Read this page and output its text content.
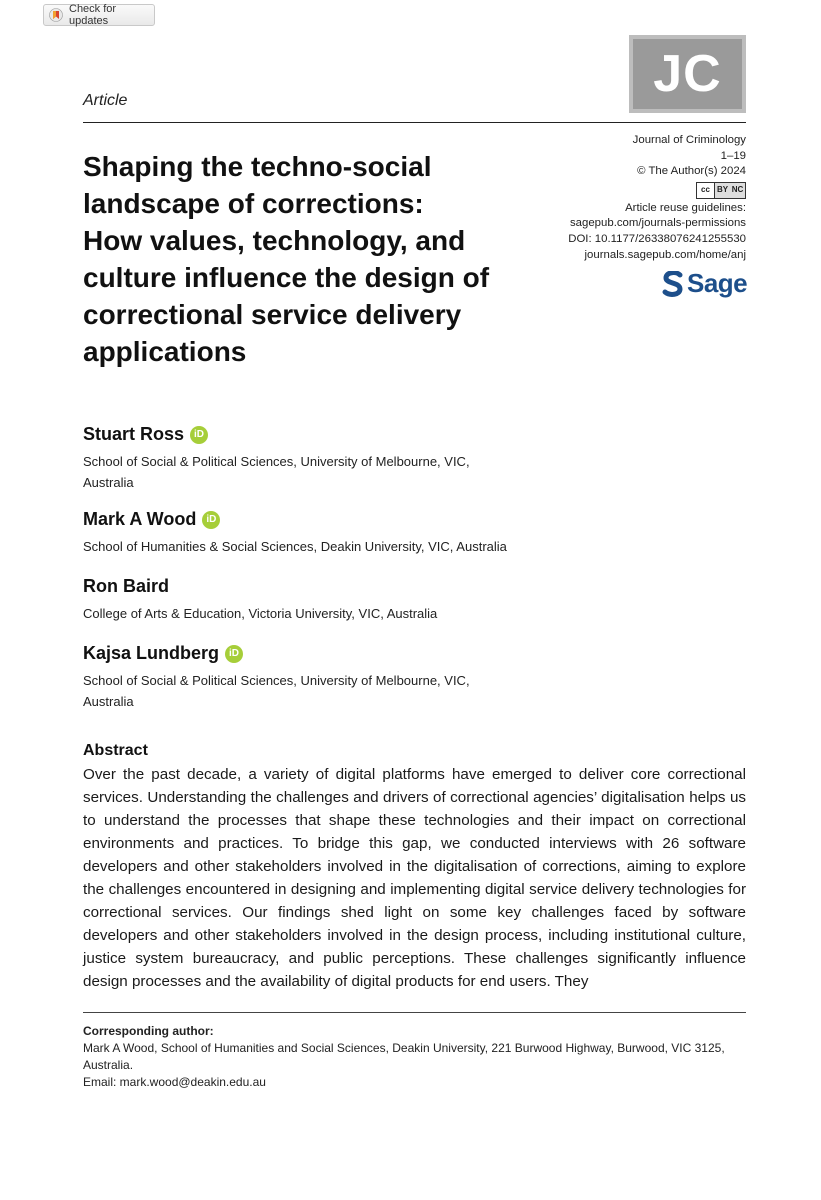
Check for updates
JC
Article
Shaping the techno-social
landscape of corrections:
How values, technology, and
culture influence the design of
correctional service delivery
applications
Journal of Criminology
1–19
© The Author(s) 2024
cc BY NC
Article reuse guidelines:
sagepub.com/journals-permissions
DOI: 10.1177/26338076241255530
journals.sagepub.com/home/anj
Sage
Stuart Ross	iD
School of Social & Political Sciences, University of Melbourne, VIC, Australia
Mark A Wood	iD
School of Humanities & Social Sciences, Deakin University, VIC, Australia
Ron Baird
College of Arts & Education, Victoria University, VIC, Australia
Kajsa Lundberg	iD
School of Social & Political Sciences, University of Melbourne, VIC, Australia
Abstract

Over the past decade, a variety of digital platforms have emerged to deliver core correctional services. Understanding the challenges and drivers of correctional agencies’ digitalisation helps us to understand the processes that shape these technologies and their impact on correctional environments and practices. To bridge this gap, we conducted interviews with 26 software developers and other stakeholders involved in the digitalisation of corrections, aiming to explore the challenges encountered in designing and implementing digital service delivery technologies for correctional services. Our findings shed light on some key challenges faced by software developers and other stakeholders involved in the design process, including institutional culture, justice system bureaucracy, and public perceptions. These challenges significantly influence design processes and the availability of digital products for end users. They

Corresponding author:
Mark A Wood, School of Humanities and Social Sciences, Deakin University, 221 Burwood Highway, Burwood, VIC 3125, Australia.
Email: mark.wood@deakin.edu.au
